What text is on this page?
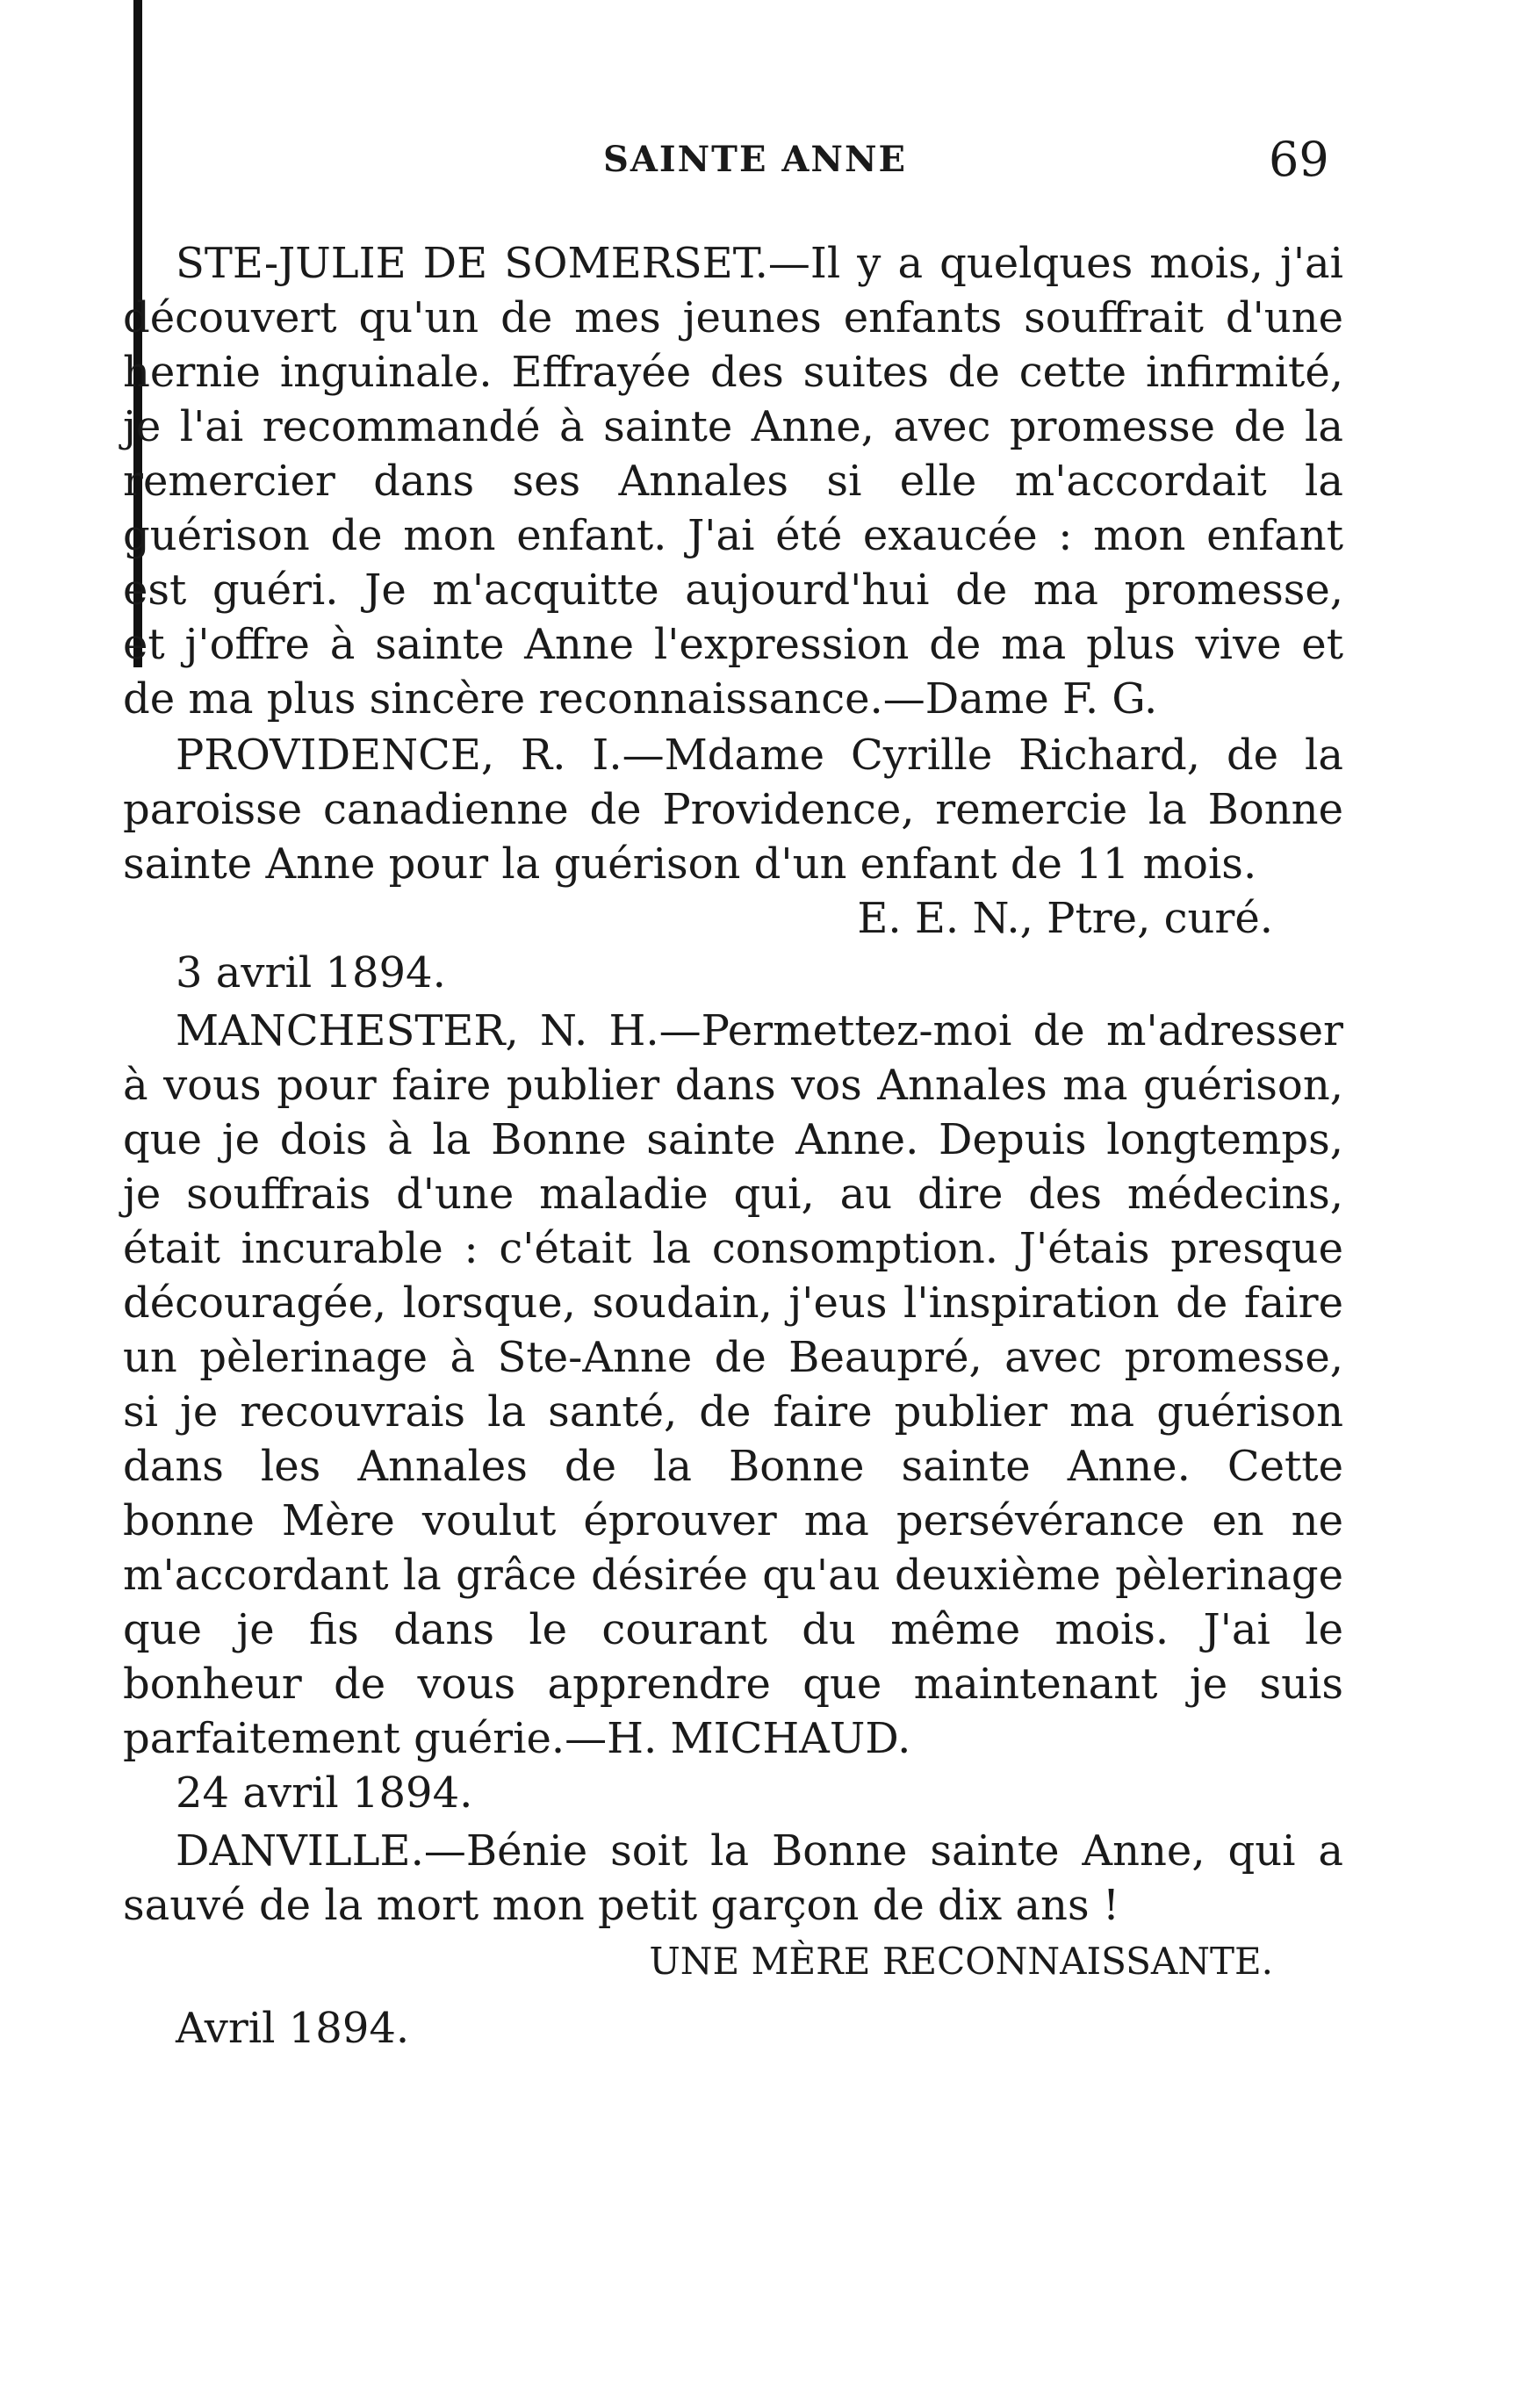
SAINTE ANNE	69
STE-JULIE DE SOMERSET.—Il y a quelques mois, j'ai
découvert qu'un de mes jeunes enfants souffrait d'une
hernie inguinale. Effrayée des suites de cette infirmité,
je l'ai recommandé à sainte Anne, avec promesse de la
remercier dans ses Annales si elle m'accordait la
guérison de mon enfant. J'ai été exaucée : mon enfant
est guéri. Je m'acquitte aujourd'hui de ma promesse,
et j'offre à sainte Anne l'expression de ma plus vive et
de ma plus sincère reconnaissance.—Dame F. G.
PROVIDENCE, R. I.—Mdame Cyrille Richard, de la
paroisse canadienne de Providence, remercie la Bonne
sainte Anne pour la guérison d'un enfant de 11 mois.
E. E. N., Ptre, curé.
3 avril 1894.
MANCHESTER, N. H.—Permettez-moi de m'adresser
à vous pour faire publier dans vos Annales ma guérison,
que je dois à la Bonne sainte Anne. Depuis longtemps,
je souffrais d'une maladie qui, au dire des médecins,
était incurable : c'était la consomption. J'étais presque
découragée, lorsque, soudain, j'eus l'inspiration de faire
un pèlerinage à Ste-Anne de Beaupré, avec promesse,
si je recouvrais la santé, de faire publier ma guérison
dans les Annales de la Bonne sainte Anne. Cette
bonne Mère voulut éprouver ma persévérance en ne
m'accordant la grâce désirée qu'au deuxième pèlerinage
que je fis dans le courant du même mois. J'ai le
bonheur de vous apprendre que maintenant je suis
parfaitement guérie.—H. MICHAUD.
24 avril 1894.
DANVILLE.—Bénie soit la Bonne sainte Anne, qui a
sauvé de la mort mon petit garçon de dix ans !
UNE MÈRE RECONNAISSANTE.
Avril 1894.
